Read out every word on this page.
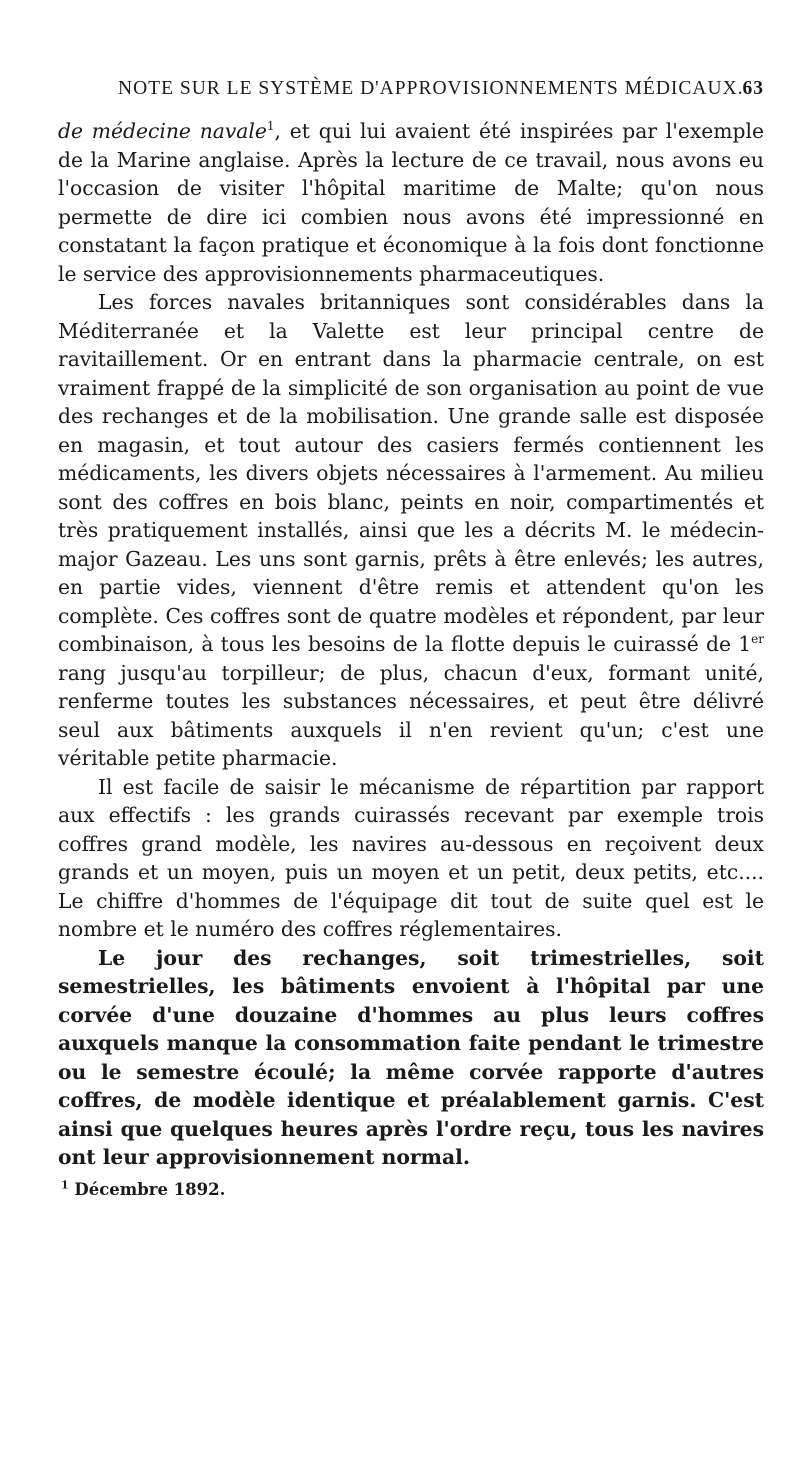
NOTE SUR LE SYSTÈME D'APPROVISIONNEMENTS MÉDICAUX.
63

de médecine navale$^1$, et qui lui avaient été inspirées par l'exemple de la Marine anglaise. Après la lecture de ce travail, nous avons eu l'occasion de visiter l'hôpital maritime de Malte; qu'on nous permette de dire ici combien nous avons été impressionné en constatant la façon pratique et économique à la fois dont fonctionne le service des approvisionnements pharmaceutiques.

Les forces navales britanniques sont considérables dans la Méditerranée et la Valette est leur principal centre de ravitaillement. Or en entrant dans la pharmacie centrale, on est vraiment frappé de la simplicité de son organisation au point de vue des rechanges et de la mobilisation. Une grande salle est disposée en magasin, et tout autour des casiers fermés contiennent les médicaments, les divers objets nécessaires à l'armement. Au milieu sont des coffres en bois blanc, peints en noir, compartimentés et très pratiquement installés, ainsi que les a décrits M. le médecin-major Gazeau. Les uns sont garnis, prêts à être enlevés; les autres, en partie vides, viennent d'être remis et attendent qu'on les complète. Ces coffres sont de quatre modèles et répondent, par leur combinaison, à tous les besoins de la flotte depuis le cuirassé de 1er rang jusqu'au torpilleur; de plus, chacun d'eux, formant unité, renferme toutes les substances nécessaires, et peut être délivré seul aux bâtiments auxquels il n'en revient qu'un; c'est une véritable petite pharmacie.

Il est facile de saisir le mécanisme de répartition par rapport aux effectifs : les grands cuirassés recevant par exemple trois coffres grand modèle, les navires au-dessous en reçoivent deux grands et un moyen, puis un moyen et un petit, deux petits, etc.... Le chiffre d'hommes de l'équipage dit tout de suite quel est le nombre et le numéro des coffres réglementaires.

Le jour des rechanges, soit trimestrielles, soit semestrielles, les bâtiments envoient à l'hôpital par une corvée d'une douzaine d'hommes au plus leurs coffres auxquels manque la consommation faite pendant le trimestre ou le semestre écoulé; la même corvée rapporte d'autres coffres, de modèle identique et préalablement garnis. C'est ainsi que quelques heures après l'ordre reçu, tous les navires ont leur approvisionnement normal.

$^1$ Décembre 1892.
